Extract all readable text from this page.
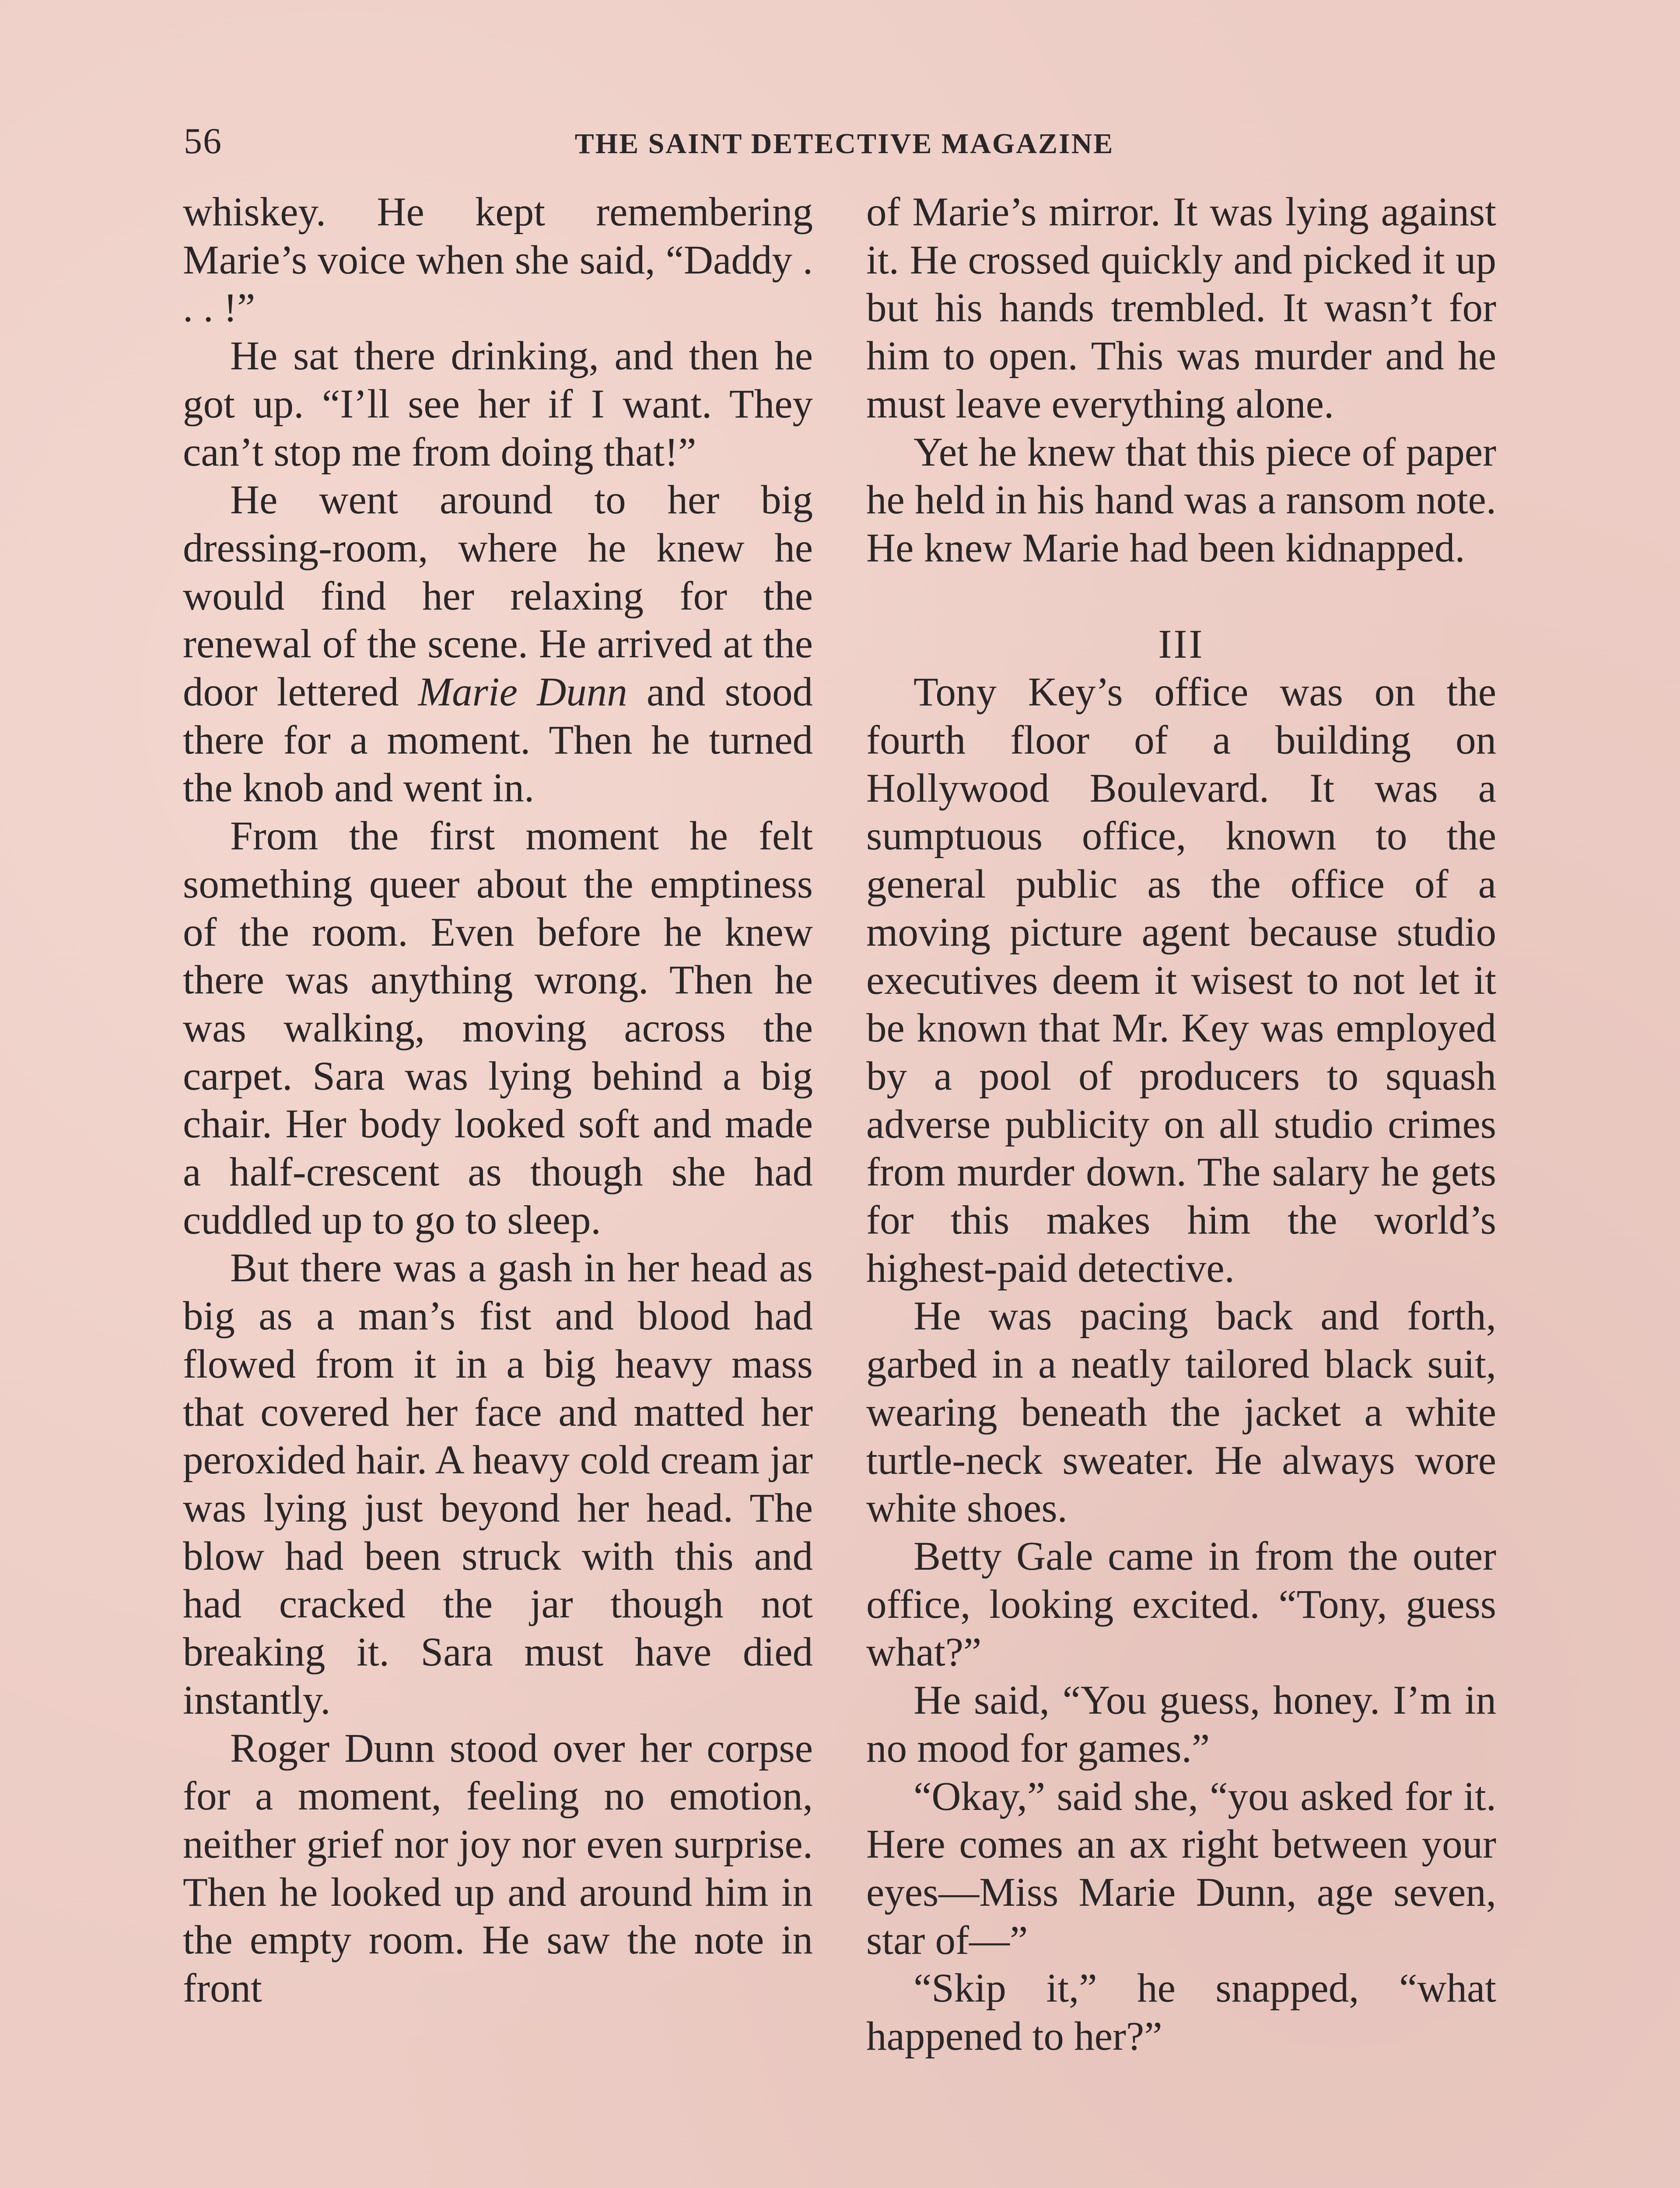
56	THE SAINT DETECTIVE MAGAZINE

whiskey. He kept remembering Marie’s voice when she said, “Daddy . . . !”

He sat there drinking, and then he got up. “I’ll see her if I want. They can’t stop me from doing that!”

He went around to her big dressing-room, where he knew he would find her relaxing for the renewal of the scene. He arrived at the door lettered Marie Dunn and stood there for a moment. Then he turned the knob and went in.

From the first moment he felt something queer about the emptiness of the room. Even before he knew there was anything wrong. Then he was walking, moving across the carpet. Sara was lying behind a big chair. Her body looked soft and made a half-crescent as though she had cuddled up to go to sleep.

But there was a gash in her head as big as a man’s fist and blood had flowed from it in a big heavy mass that covered her face and matted her peroxided hair. A heavy cold cream jar was lying just beyond her head. The blow had been struck with this and had cracked the jar though not breaking it. Sara must have died instantly.

Roger Dunn stood over her corpse for a moment, feeling no emotion, neither grief nor joy nor even surprise. Then he looked up and around him in the empty room. He saw the note in front

of Marie’s mirror. It was lying against it. He crossed quickly and picked it up but his hands trembled. It wasn’t for him to open. This was murder and he must leave everything alone.

Yet he knew that this piece of paper he held in his hand was a ransom note. He knew Marie had been kidnapped.

III

Tony Key’s office was on the fourth floor of a building on Hollywood Boulevard. It was a sumptuous office, known to the general public as the office of a moving picture agent because studio executives deem it wisest to not let it be known that Mr. Key was employed by a pool of producers to squash adverse publicity on all studio crimes from murder down. The salary he gets for this makes him the world’s highest-paid detective.

He was pacing back and forth, garbed in a neatly tailored black suit, wearing beneath the jacket a white turtle-neck sweater. He always wore white shoes.

Betty Gale came in from the outer office, looking excited. “Tony, guess what?”

He said, “You guess, honey. I’m in no mood for games.”

“Okay,” said she, “you asked for it. Here comes an ax right between your eyes—Miss Marie Dunn, age seven, star of—”

“Skip it,” he snapped, “what happened to her?”
